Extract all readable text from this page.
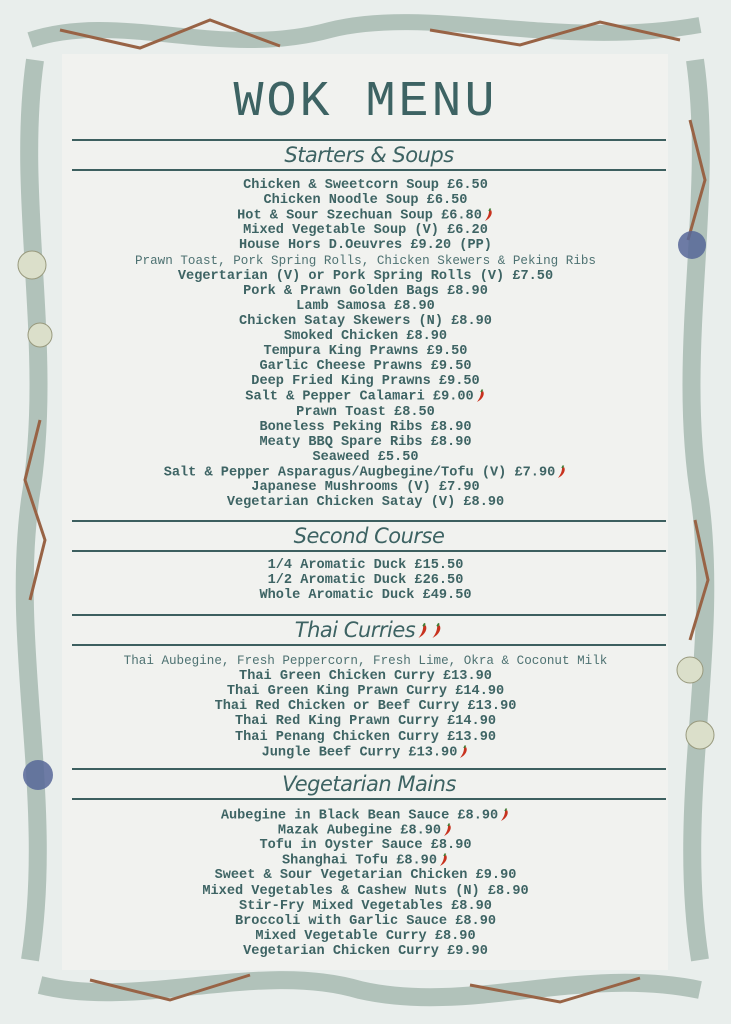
WOK MENU
Starters & Soups
Chicken & Sweetcorn Soup £6.50
Chicken Noodle Soup £6.50
Hot & Sour Szechuan Soup £6.80
Mixed Vegetable Soup (V) £6.20
House Hors D.Oeuvres £9.20 (PP)
Prawn Toast, Pork Spring Rolls, Chicken Skewers & Peking Ribs
Vegertarian (V) or Pork Spring Rolls (V) £7.50
Pork & Prawn Golden Bags £8.90
Lamb Samosa £8.90
Chicken Satay Skewers (N) £8.90
Smoked Chicken £8.90
Tempura King Prawns £9.50
Garlic Cheese Prawns £9.50
Deep Fried King Prawns £9.50
Salt & Pepper Calamari £9.00
Prawn Toast £8.50
Boneless Peking Ribs £8.90
Meaty BBQ Spare Ribs £8.90
Seaweed £5.50
Salt & Pepper Asparagus/Augbegine/Tofu (V) £7.90
Japanese Mushrooms (V) £7.90
Vegetarian Chicken Satay (V) £8.90
Second Course
1/4 Aromatic Duck £15.50
1/2 Aromatic Duck £26.50
Whole Aromatic Duck £49.50
Thai Curries
Thai Aubegine, Fresh Peppercorn, Fresh Lime, Okra & Coconut Milk
Thai Green Chicken Curry £13.90
Thai Green King Prawn Curry £14.90
Thai Red Chicken or Beef Curry £13.90
Thai Red King Prawn Curry £14.90
Thai Penang Chicken Curry £13.90
Jungle Beef Curry £13.90
Vegetarian Mains
Aubegine in Black Bean Sauce £8.90
Mazak Aubegine £8.90
Tofu in Oyster Sauce £8.90
Shanghai Tofu £8.90
Sweet & Sour Vegetarian Chicken £9.90
Mixed Vegetables & Cashew Nuts (N) £8.90
Stir-Fry Mixed Vegetables £8.90
Broccoli with Garlic Sauce £8.90
Mixed Vegetable Curry £8.90
Vegetarian Chicken Curry £9.90
